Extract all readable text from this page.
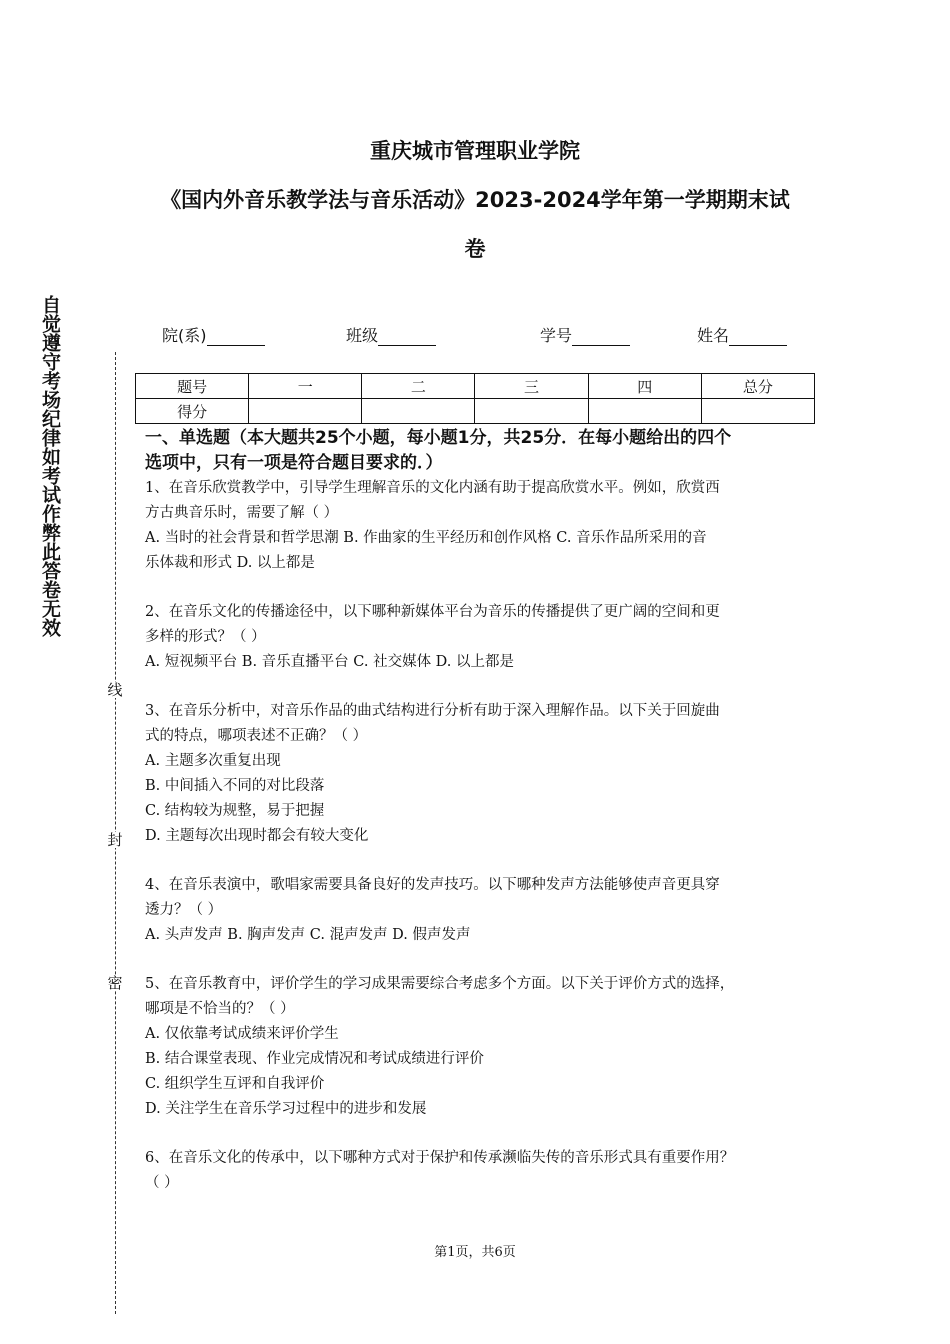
重庆城市管理职业学院
《国内外音乐教学法与音乐活动》2023-2024学年第一学期期末试
卷
自觉遵守考场纪律如考试作弊此答卷无效
线
封
密
院(系)	班级	学号	姓名
题号	一	二	三	四	总分
得分					
一、单选题（本大题共25个小题，每小题1分，共25分．在每小题给出的四个
选项中，只有一项是符合题目要求的．）
1、在音乐欣赏教学中，引导学生理解音乐的文化内涵有助于提高欣赏水平。例如，欣赏西
方古典音乐时，需要了解（ ）
A. 当时的社会背景和哲学思潮 B. 作曲家的生平经历和创作风格 C. 音乐作品所采用的音
乐体裁和形式 D. 以上都是
2、在音乐文化的传播途径中，以下哪种新媒体平台为音乐的传播提供了更广阔的空间和更
多样的形式？（ ）
A. 短视频平台 B. 音乐直播平台 C. 社交媒体 D. 以上都是
3、在音乐分析中，对音乐作品的曲式结构进行分析有助于深入理解作品。以下关于回旋曲
式的特点，哪项表述不正确？（ ）
A. 主题多次重复出现
B. 中间插入不同的对比段落
C. 结构较为规整，易于把握
D. 主题每次出现时都会有较大变化
4、在音乐表演中，歌唱家需要具备良好的发声技巧。以下哪种发声方法能够使声音更具穿
透力？（ ）
A. 头声发声 B. 胸声发声 C. 混声发声 D. 假声发声
5、在音乐教育中，评价学生的学习成果需要综合考虑多个方面。以下关于评价方式的选择，
哪项是不恰当的？（ ）
A. 仅依靠考试成绩来评价学生
B. 结合课堂表现、作业完成情况和考试成绩进行评价
C. 组织学生互评和自我评价
D. 关注学生在音乐学习过程中的进步和发展
6、在音乐文化的传承中，以下哪种方式对于保护和传承濒临失传的音乐形式具有重要作用？
（ ）
第1页，共6页
